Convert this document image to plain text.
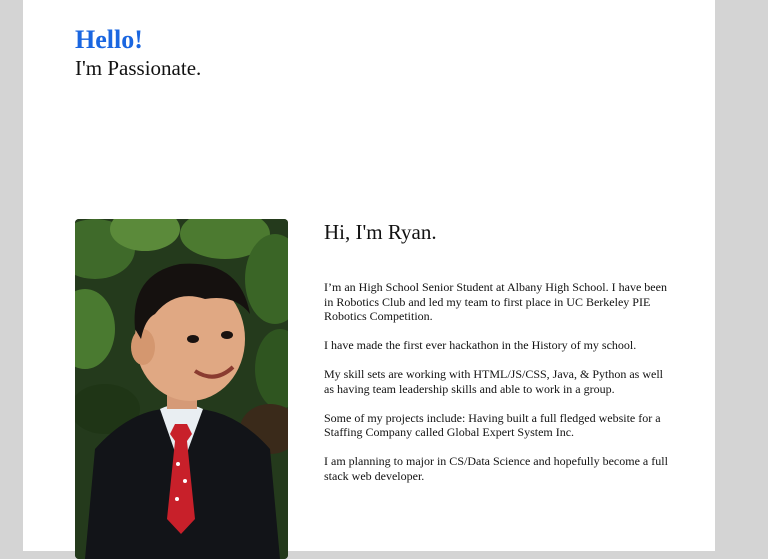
Hello!

I'm Passionate.

Hi, I'm Ryan.

I’m an High School Senior Student at Albany High School. I have been in Robotics Club and led my team to first place in UC Berkeley PIE Robotics Competition.

I have made the first ever hackathon in the History of my school.

My skill sets are working with HTML/JS/CSS, Java, & Python as well as having team leadership skills and able to work in a group.

Some of my projects include: Having built a full fledged website for a Staffing Company called Global Expert System Inc.

I am planning to major in CS/Data Science and hopefully become a full stack web developer.
